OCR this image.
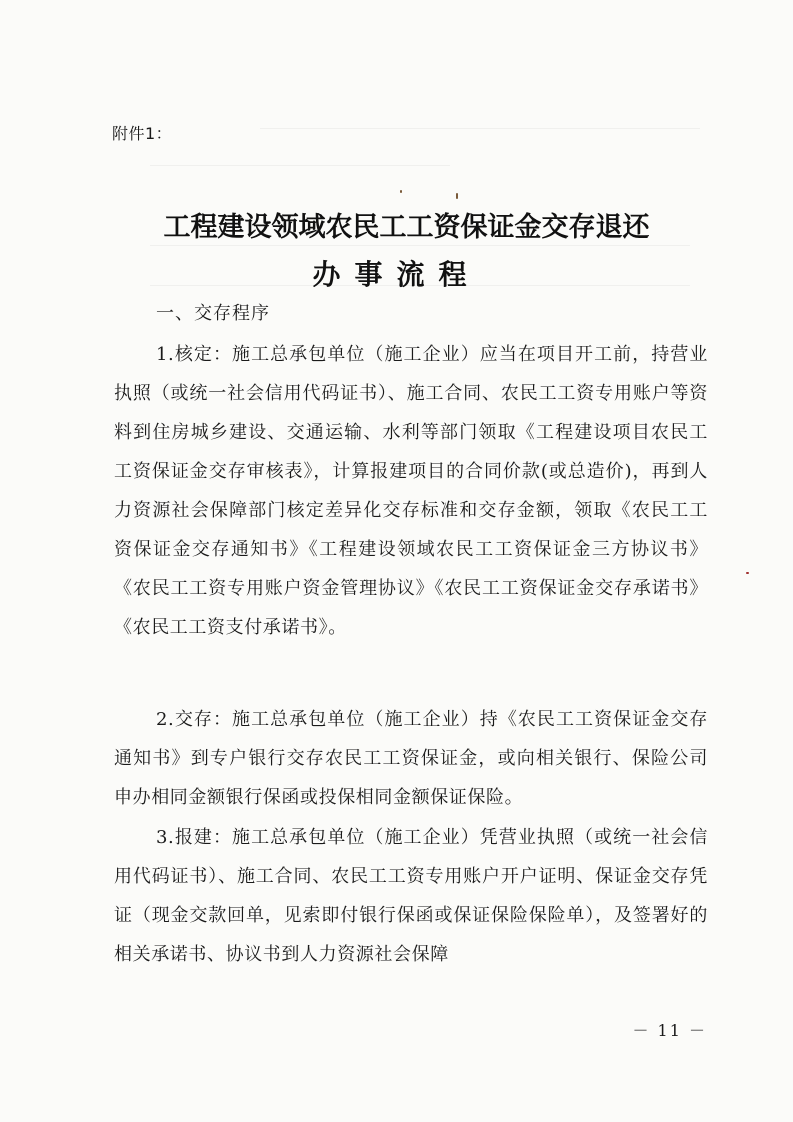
附件1：
工程建设领域农民工工资保证金交存退还
办事流程
一、交存程序
1.核定：施工总承包单位（施工企业）应当在项目开工前，持营业执照（或统一社会信用代码证书）、施工合同、农民工工资专用账户等资料到住房城乡建设、交通运输、水利等部门领取《工程建设项目农民工工资保证金交存审核表》，计算报建项目的合同价款(或总造价)，再到人力资源社会保障部门核定差异化交存标准和交存金额，领取《农民工工资保证金交存通知书》《工程建设领域农民工工资保证金三方协议书》《农民工工资专用账户资金管理协议》《农民工工资保证金交存承诺书》《农民工工资支付承诺书》。
2.交存：施工总承包单位（施工企业）持《农民工工资保证金交存通知书》到专户银行交存农民工工资保证金，或向相关银行、保险公司申办相同金额银行保函或投保相同金额保证保险。
3.报建：施工总承包单位（施工企业）凭营业执照（或统一社会信用代码证书）、施工合同、农民工工资专用账户开户证明、保证金交存凭证（现金交款回单，见索即付银行保函或保证保险保险单），及签署好的相关承诺书、协议书到人力资源社会保障
－ 11 －
